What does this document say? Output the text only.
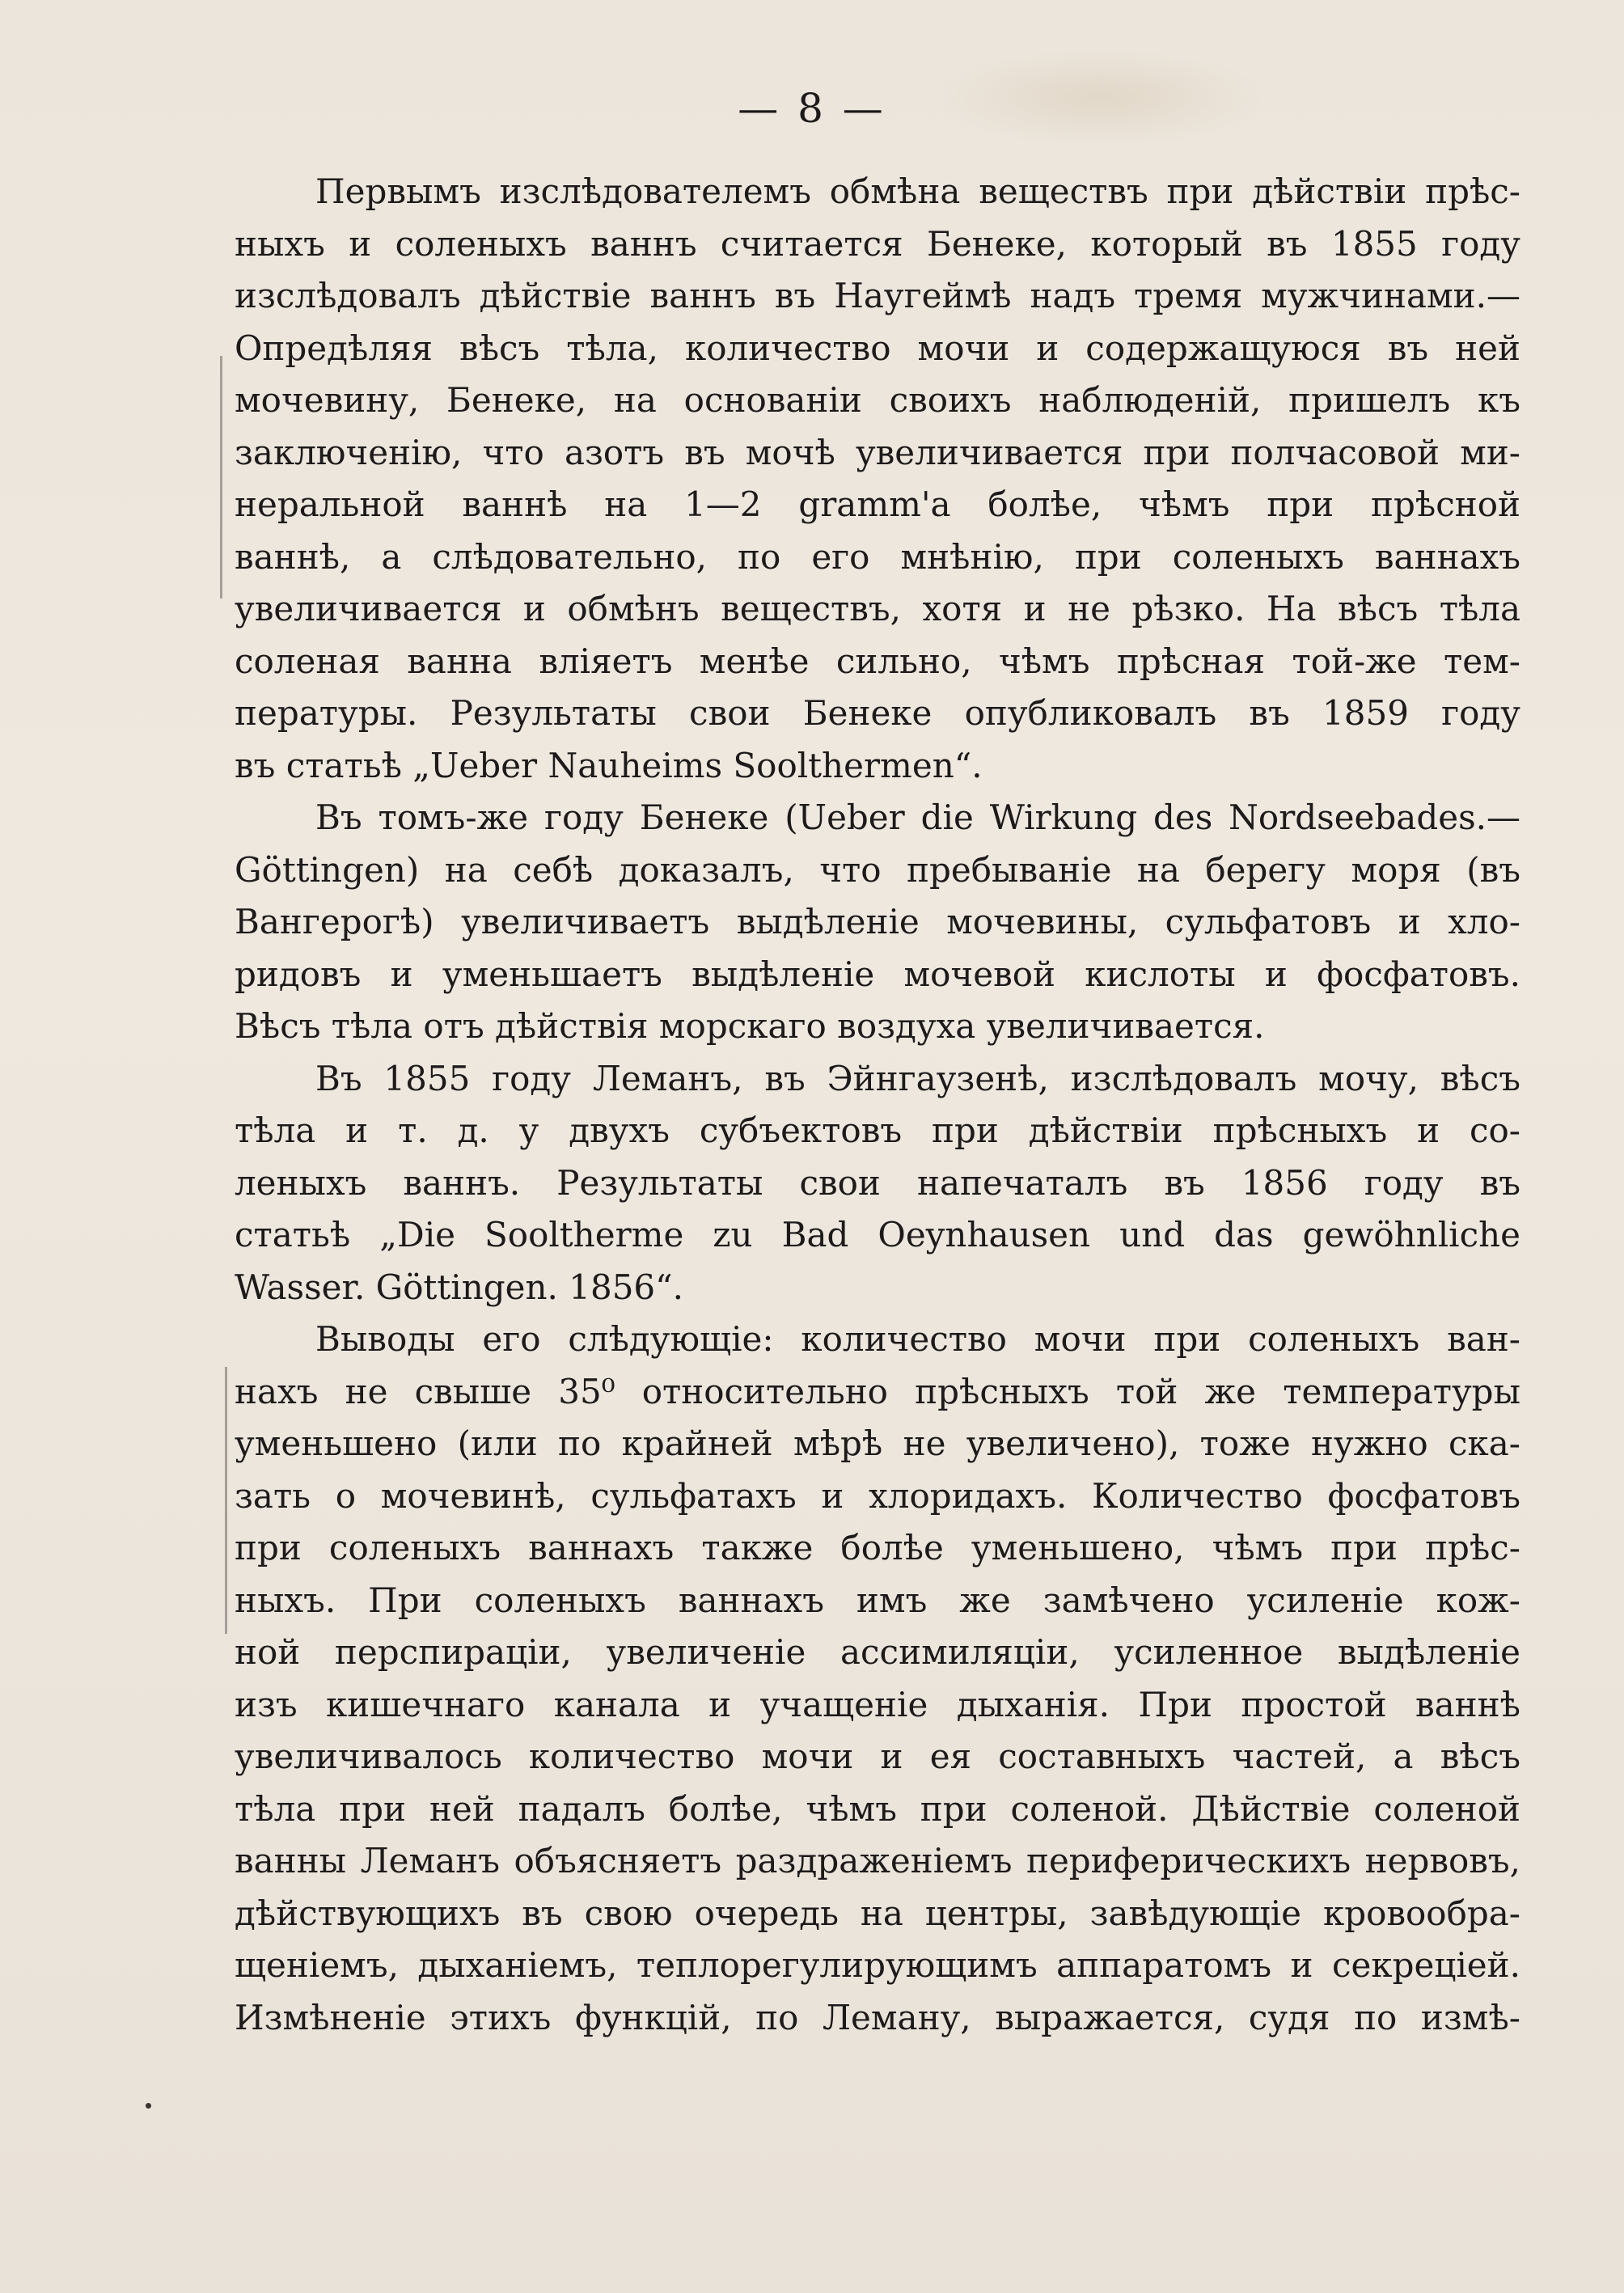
— 8 —
Первымъ изслѣдователемъ обмѣна веществъ при дѣйствіи прѣс-
ныхъ и соленыхъ ваннъ считается Бенеке, который въ 1855 году
изслѣдовалъ дѣйствіе ваннъ въ Наугеймѣ надъ тремя мужчинами.—
Опредѣляя вѣсъ тѣла, количество мочи и содержащуюся въ ней
мочевину, Бенеке, на основаніи своихъ наблюденій, пришелъ къ
заключенію, что азотъ въ мочѣ увеличивается при полчасовой ми-
неральной ваннѣ на 1—2 gramm'a болѣе, чѣмъ при прѣсной
ваннѣ, а слѣдовательно, по его мнѣнію, при соленыхъ ваннахъ
увеличивается и обмѣнъ веществъ, хотя и не рѣзко. На вѣсъ тѣла
соленая ванна вліяетъ менѣе сильно, чѣмъ прѣсная той-же тем-
пературы. Результаты свои Бенеке опубликовалъ въ 1859 году
въ статьѣ „Ueber Nauheims Soolthermen“.
Въ томъ-же году Бенеке (Ueber die Wirkung des Nordseebades.—
Göttingen) на себѣ доказалъ, что пребываніе на берегу моря (въ
Вангерогѣ) увеличиваетъ выдѣленіе мочевины, сульфатовъ и хло-
ридовъ и уменьшаетъ выдѣленіе мочевой кислоты и фосфатовъ.
Вѣсъ тѣла отъ дѣйствія морскаго воздуха увеличивается.
Въ 1855 году Леманъ, въ Эйнгаузенѣ, изслѣдовалъ мочу, вѣсъ
тѣла и т. д. у двухъ субъектовъ при дѣйствіи прѣсныхъ и со-
леныхъ ваннъ. Результаты свои напечаталъ въ 1856 году въ
статьѣ „Die Sooltherme zu Bad Oeynhausen und das gewöhnliche
Wasser. Göttingen. 1856“.
Выводы его слѣдующіе: количество мочи при соленыхъ ван-
нахъ не свыше 35⁰ относительно прѣсныхъ той же температуры
уменьшено (или по крайней мѣрѣ не увеличено), тоже нужно ска-
зать о мочевинѣ, сульфатахъ и хлоридахъ. Количество фосфатовъ
при соленыхъ ваннахъ также болѣе уменьшено, чѣмъ при прѣс-
ныхъ. При соленыхъ ваннахъ имъ же замѣчено усиленіе кож-
ной перспираціи, увеличеніе ассимиляціи, усиленное выдѣленіе
изъ кишечнаго канала и учащеніе дыханія. При простой ваннѣ
увеличивалось количество мочи и ея составныхъ частей, а вѣсъ
тѣла при ней падалъ болѣе, чѣмъ при соленой. Дѣйствіе соленой
ванны Леманъ объясняетъ раздраженіемъ периферическихъ нервовъ,
дѣйствующихъ въ свою очередь на центры, завѣдующіе кровообра-
щеніемъ, дыханіемъ, теплорегулирующимъ аппаратомъ и секреціей.
Измѣненіе этихъ функцій, по Леману, выражается, судя по измѣ-
